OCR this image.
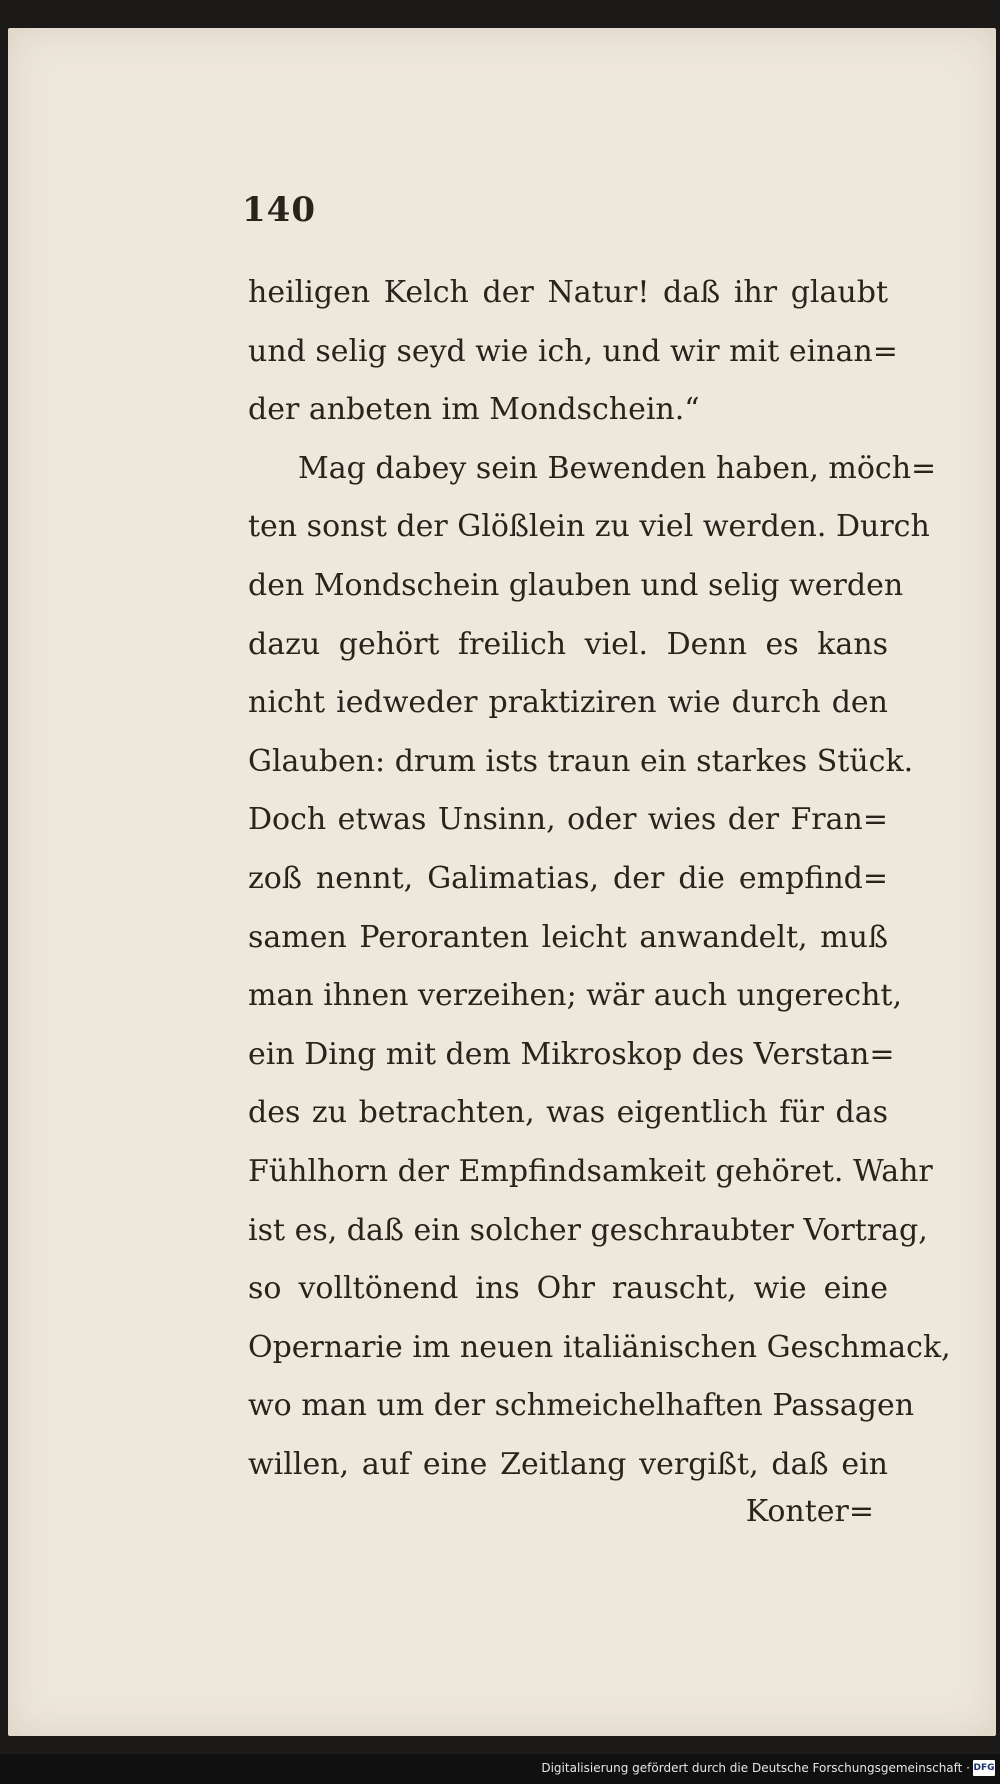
140

heiligen Kelch der Natur! daß ihr glaubt
und selig seyd wie ich, und wir mit einan=
der anbeten im Mondschein.“
Mag dabey sein Bewenden haben, möch=
ten sonst der Glößlein zu viel werden. Durch
den Mondschein glauben und selig werden
dazu gehört freilich viel. Denn es kans
nicht iedweder praktiziren wie durch den
Glauben: drum ists traun ein starkes Stück.
Doch etwas Unsinn, oder wies der Fran=
zoß nennt, Galimatias, der die empfind=
samen Peroranten leicht anwandelt, muß
man ihnen verzeihen; wär auch ungerecht,
ein Ding mit dem Mikroskop des Verstan=
des zu betrachten, was eigentlich für das
Fühlhorn der Empfindsamkeit gehöret. Wahr
ist es, daß ein solcher geschraubter Vortrag,
so volltönend ins Ohr rauscht, wie eine
Opernarie im neuen italiänischen Geschmack,
wo man um der schmeichelhaften Passagen
willen, auf eine Zeitlang vergißt, daß ein

Konter=

Digitalisierung gefördert durch die Deutsche Forschungsgemeinschaft · DFG
